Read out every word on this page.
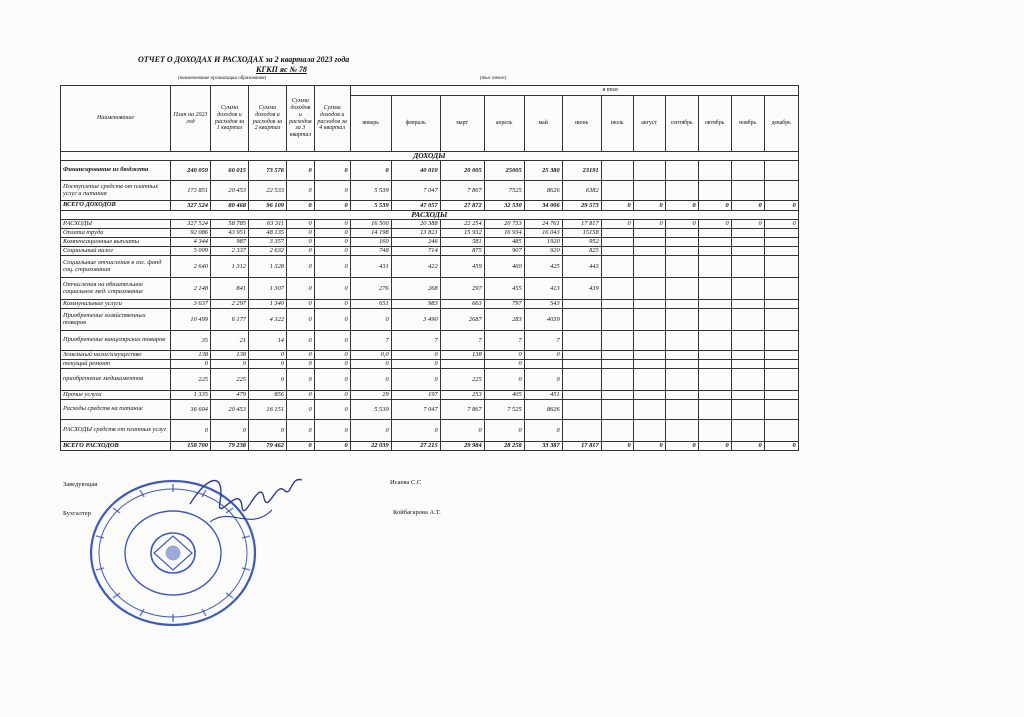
ОТЧЕТ О ДОХОДАХ И РАСХОДАХ за 2 квартала 2023 года
КГКП яс № 78
(наименование организации образования)	(тыс тенге)
Наименование	План на 2023 год	Сумма доходов и расходов за 1 квартал	Сумма доходов и расходов за 2 квартал	Сумма доходов и расходов за 3 квартал	Сумма доходов и расходов за 4 квартал	в том											
						январь	февраль	март	апрель	май	июнь	июль	август	сентябрь	октябрь	ноябрь	декабрь
ДОХОДЫ																	
Финансирование из бюджета	240 059	60 015	73 576	0	0	0	40 010	20 005	25005	25 380	23191						
Поступление средств от платных услуг и питания	173 851	20 453	22 533	0	0	5 539	7 047	7 867	7525	8626	6382						
ВСЕГО ДОХОДОВ	327 524	80 468	96 109	0	0	5 539	47 057	27 872	32 530	34 006	29 573	0	0	0	0	0	0
РАСХОДЫ																	
РАСХОДЫ	327 524	58 785	63 311	0	0	16 500	20 388	22 254	20 733	24 761	17 817	0	0	0	0	0	0
Оплата труда	92 086	43 951	48 135	0	0	14 198	13 821	15 932	16 934	16 043	15158						
Компенсационные выплаты	4 344	987	3 357	0	0	160	246	581	485	1920	952						
Социальный налог	5 009	2 337	2 632	0	0	748	714	875	907	920	825						
Социальные отчисления в гос. фонд соц. страхования	2 640	1 312	1 328	0	0	431	422	459	460	425	443						
Отчисления на обязательное социальное мед. страхование	2 148	841	1 307	0	0	276	268	297	455	413	439						
Коммунальные услуги	3 637	2 297	1 340	0	0	651	983	663	797	543							
Приобретение хозяйственных товаров	10 499	6 177	4 322	0	0	0	3 490	2687	283	4039							
Приобретение канцелярских товаров	35	21	14	0	0	7	7	7	7	7							
Земельный налог/имущество	138	138	0	0	0	0,0	0	138	0	0							
текущий ремонт	0	0	0	0	0	0	0		0								
приобретение медикаментов	225	225	0	0	0	0	0	225	0	0							
Прочие услуги	1 335	479	856	0	0	29	197	253	405	451							
Расходы средств на питание	36 604	20 453	16 151	0	0	5 539	7 047	7 867	7 525	8626							
РАСХОДЫ средств от платных услуг	0	0	0	0	0	0	0	0	0	0							
ВСЕГО РАСХОДОВ	158 700	79 238	79 462	0	0	22 039	27 215	29 984	28 258	33 387	17 817	0	0	0	0	0	0
Заведующая	Исаева С.С
Бухгалтер	Койбагарова А.Т.
